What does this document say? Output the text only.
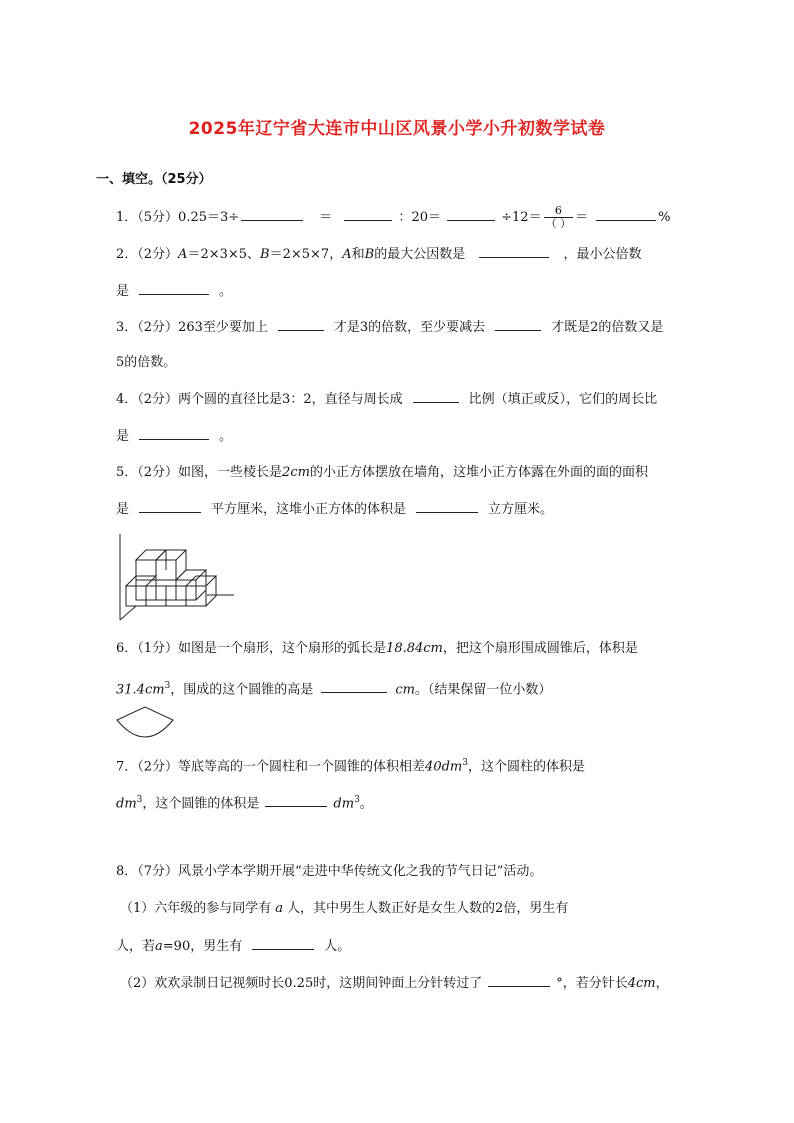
2025年辽宁省大连市中山区风景小学小升初数学试卷
一、填空。（25分）
1．（5分）0.25＝3÷	＝	：20＝	$\div 12= \frac{6}{( )}$ ＝	%
2．（2分）A＝2×3×5、B＝2×5×7，A和B的最大公因数是	，最小公倍数
是	。
3．（2分）263至少要加上	才是3的倍数，至少要减去	才既是2的倍数又是
5的倍数。
4．（2分）两个圆的直径比是3：2，直径与周长成	比例（填正或反），它们的周长比
是	。
5．（2分）如图，一些棱长是2cm的小正方体摆放在墙角，这堆小正方体露在外面的面的面积
是	平方厘米，这堆小正方体的体积是	立方厘米。
6．（1分）如图是一个扇形，这个扇形的弧长是18.84cm，把这个扇形围成圆锥后，体积是
$31.4cm^3$，围成的这个圆锥的高是	cm。（结果保留一位小数）
7．（2分）等底等高的一个圆柱和一个圆锥的体积相差$40dm^3$，这个圆柱的体积是
$dm^3$，这个圆锥的体积是	$dm^3$。
8．（7分）风景小学本学期开展“走进中华传统文化之我的节气日记”活动。
（1）六年级的参与同学有 a 人，其中男生人数正好是女生人数的2倍，男生有
人，若a=90，男生有	人。
（2）欢欢录制日记视频时长0.25时，这期间钟面上分针转过了	°，若分针长4cm，
